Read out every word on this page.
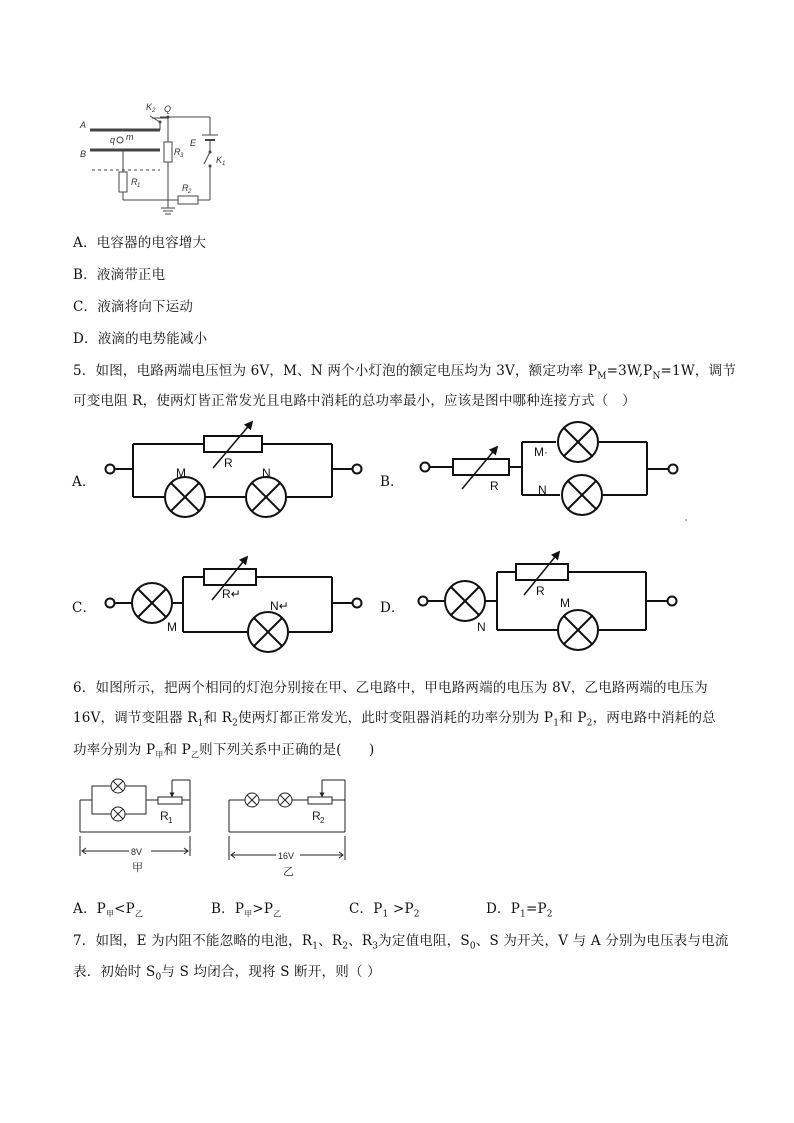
K 2 Q
A
B
q m
R 3
E
K 1
R 1	R 2
A．电容器的电容增大
B．液滴带正电
C．液滴将向下运动
D．液滴的电势能减小
5．如图，电路两端电压恒为 6V，M、N 两个小灯泡的额定电压均为 3V，额定功率 $P_M=3W,P_N=1W$，调节
可变电阻 R，使两灯皆正常发光且电路中消耗的总功率最小，应该是图中哪种连接方式（　）
R
M	N
R
M·
N
R↵
N↵
M
R
M
N
A．	B．
C．	D．
6．如图所示，把两个相同的灯泡分别接在甲、乙电路中，甲电路两端的电压为 8V，乙电路两端的电压为
16V，调节变阻器 $R_1$和 $R_2$使两灯都正常发光，此时变阻器消耗的功率分别为 $P_1$和 $P_2$，两电路中消耗的总
功率分别为 $P_甲$和 $P_乙$则下列关系中正确的是(　　)
8V
甲
R 1
16V
乙
R 2
A．$P_甲<P_乙$	B．$P_甲>P_乙$	C．$P_1 >P_2$	D．$P_1=P_2$
7．如图，E 为内阻不能忽略的电池，$R_1$、$R_2$、$R_3$为定值电阻，$S_0$、S 为开关，V 与 A 分别为电压表与电流
表．初始时 $S_0$与 S 均闭合，现将 S 断开，则（ ）
